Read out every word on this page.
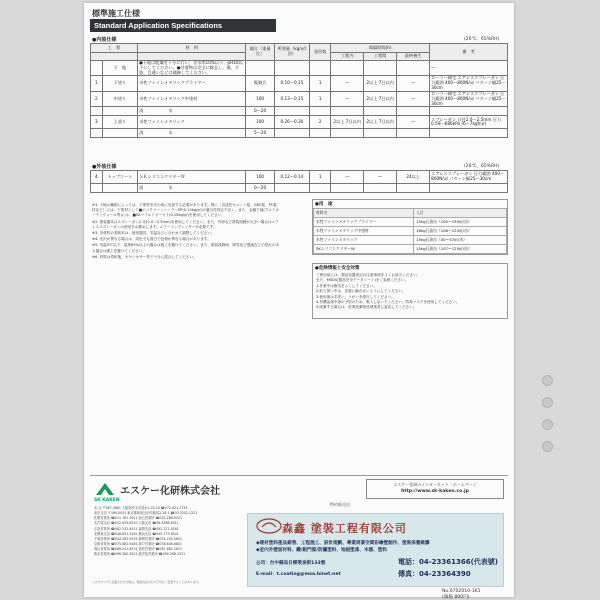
標準施工仕様
Standard Application Specifications
●内装仕様	(20℃、65%RH)
工　程		材　料	調合（重量比）	所要量（kg/㎡/回）	塗回数	間隔時間(h)			備　考
						工程内	工程間	最終養生	
	下　地	●下地は乾燥を十分に行い、含水率10%以下、pH10以下にしてください。●付着物は完全に除去し、傷、不陸、目違いなどは補修してください。							―
1	下塗り	水性ファインメタリックプライマー	既調合	0.10～0.15	1	―	2以上 7日以内	―	ローラー刷毛 エアレススプレーガン 圧力範囲 400～800N/㎠ パターン幅25～30cm
2	中塗り	水性ファインメタリック中塗材	100	0.13～0.15	1	―	2以上 7日以内	―	ローラー刷毛 エアレススプレーガン 圧力範囲 400～800N/㎠ パターン幅25～30cm
		清　　　　　　水	0～20						
3	上塗り	水性ファインメタリック	100	0.26～0.30	2	2以上 7日以内	2以上 7日以内	―	スプレーガン 口径2.0～2.5mm 圧力0.59～686kPa (6～7kgf/㎠)
		清　　　　　　水	5～20						
●外装仕様	(20℃、65%RH)
4	トップコート	ＳＫシリコンクリヤーＷ	100	0.12～0.14	1	―	―	24以上	エアレススプレーガン 圧力範囲 400～800N/㎠ パターン幅25～30cm
		清　　　　　　水	0～20						
※1. 下地の種類によっては、下塗材を次の表に変更する必要があります。特に（含浸性セメント板、GRC板、PC板材など）には、下塗材として■エコクリーンシーラーEP(0.15kg/㎡)が適合性判定で良く、また、金属下地(アルミカーテンウォール等)には、■SKマイルドボーセイ(0.15kg/㎡)を使用してください。
※2. 塗装器具はスプレーガン(口径2.0～2.5mm)を使用してください。また、外部など塗装面積が大きい場合はエアレススプレーガンの使用をお薦めします。エアーコンプレッサーが必要です。
※3. 各材料の希釈率は、使用器具、気温などに合わせて調整してください。
※4. 光沢が異なる場合は、同色でも数日で色相が異なる場合があります。
※5. 気温5℃以下、湿度85%以上の場合は施工を避けてください。また、塗装後降雨、降雪及び強風などの恐れのある場合は施工を避けてください。
※6. 材料は希釈後、モヤシキサー等で十分に混合してください。
●用　途
材料名	入目
水性ファインメタリックプライマー	15kg石油缶（100～150㎡/缶）
水性ファインメタリック中塗材	16kg石油缶（106～123㎡/缶）
水性ファインメタリック	15kg石油缶（50～57㎡/缶）
SKシリコンクリヤーW	15kg石油缶（107～125㎡/缶）
●危険情報と安全対策
ご使用前には、製品容器表記の注意事項をよくお読みください。
また、MSDS(製品安全データシート)をご参照ください。
1.作業中は換気をよくしてください。
2.取り扱い中は、皮膚に触れないようにしてください。
3.使用後は手洗い、うがいを励行してください。
4.有機溶剤中毒の予防のため、吸入しないでください。防毒マスクを使用してください。
5.廃棄する場合は、産業廃棄物処理業者に委託してください。
エスケー化研株式会社
SK KAKEN
本 社 〒567-0861 大阪府茨木市清水1-25-10 ☎072-621-7733
東京支店 〒169-0051 東京都新宿区西早稲田2-18-1 ☎03-3202-1221
札幌営業所 ☎011-781-3011 仙台営業所 ☎022-268-5421
名古屋支店 ☎052-935-8310 大阪支店 ☎06-6386-6311
広島営業所 ☎082-232-4511 福岡支店 ☎092-271-0161
北関東支店 ☎048-651-1281 横浜支店 ☎045-773-6341
千葉営業所 ☎043-283-5931 静岡営業所 ☎054-203-5601
京都営業所 ☎075-682-5481 神戸営業所 ☎078-646-6801
岡山営業所 ☎086-241-8531 高松営業所 ☎087-881-2621
熊本営業所 ☎096-380-3521 鹿児島営業所 ☎099-268-2531
エスケー化研のインターネット・ホームページ
http://www.sk-kaken.co.jp
特約販売店
森鑫 塗裝工程有限公司
◆建材塗料產品銷售、工程施工、設計規劃、專業商業空間彩繪壁創作、塗裝保養維護
◆室內外壁面材料、鐵/鋁門窗/防鏽塗料、地板塗漆、木器、塗料
公司：台中縣烏日鄉榮泉街133號
E-mail：t.coating@msa.hinet.net
電話：04-23361366(代表號)
傳真：04-23364390
このカタログに記載された内容は、製品改良のため予告なく変更することがあります。
No.0702010-1K1
(価格 800円)
